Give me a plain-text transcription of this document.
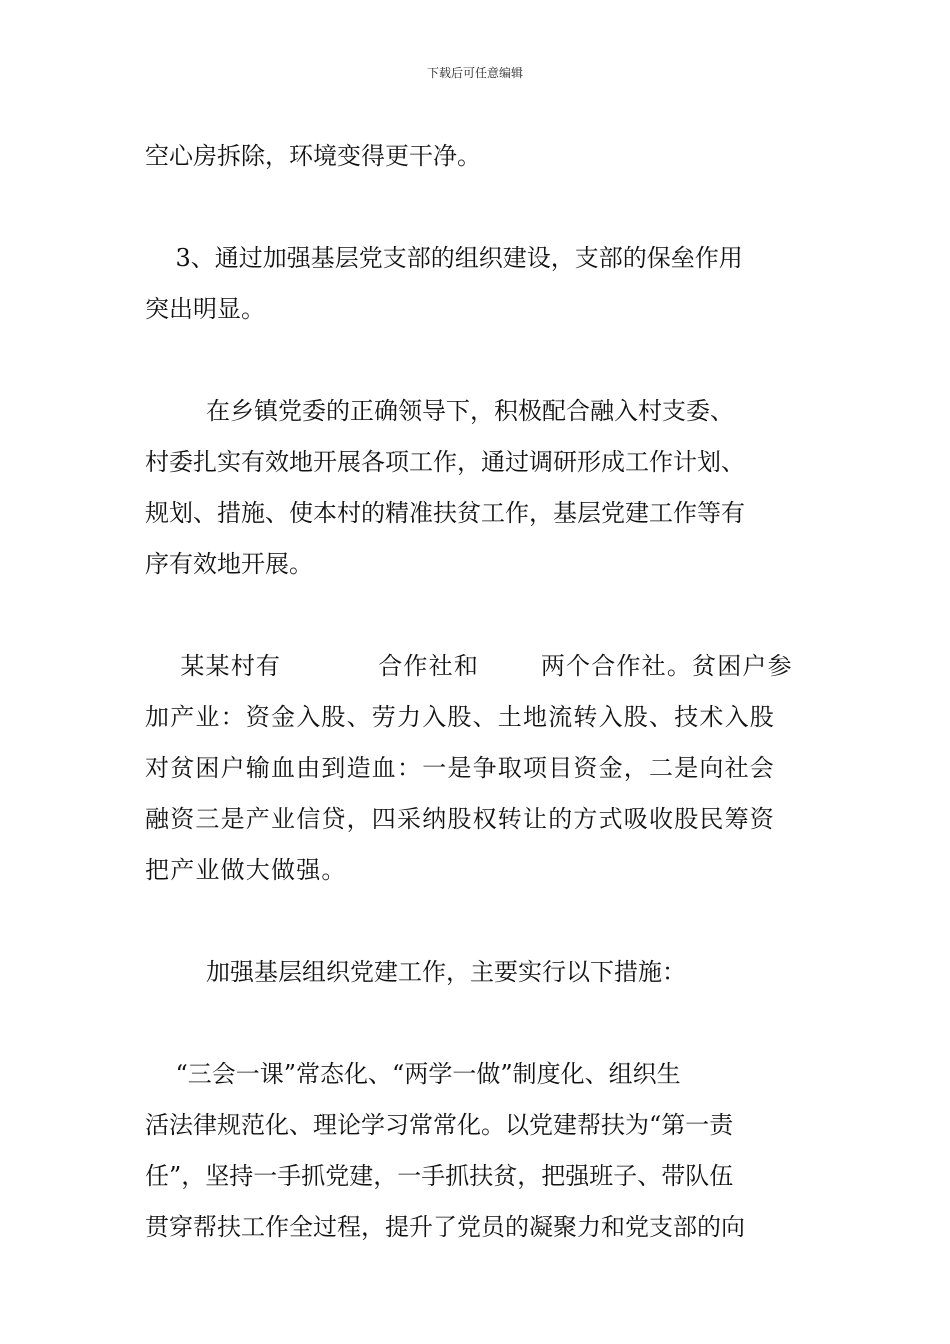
下载后可任意编辑
空心房拆除，环境变得更干净。
3、通过加强基层党支部的组织建设，支部的保垒作用
突出明显。
在乡镇党委的正确领导下，积极配合融入村支委、
村委扎实有效地开展各项工作，通过调研形成工作计划、
规划、措施、使本村的精准扶贫工作，基层党建工作等有
序有效地开展。
某某村有           合作社和       两个合作社。贫困户参
加产业：资金入股、劳力入股、土地流转入股、技术入股
对贫困户输血由到造血：一是争取项目资金，二是向社会
融资三是产业信贷，四采纳股权转让的方式吸收股民筹资
把产业做大做强。
加强基层组织党建工作，主要实行以下措施：
“三会一课”常态化、“两学一做”制度化、组织生
活法律规范化、理论学习常常化。以党建帮扶为“第一责
任”，坚持一手抓党建，一手抓扶贫，把强班子、带队伍
贯穿帮扶工作全过程，提升了党员的凝聚力和党支部的向
